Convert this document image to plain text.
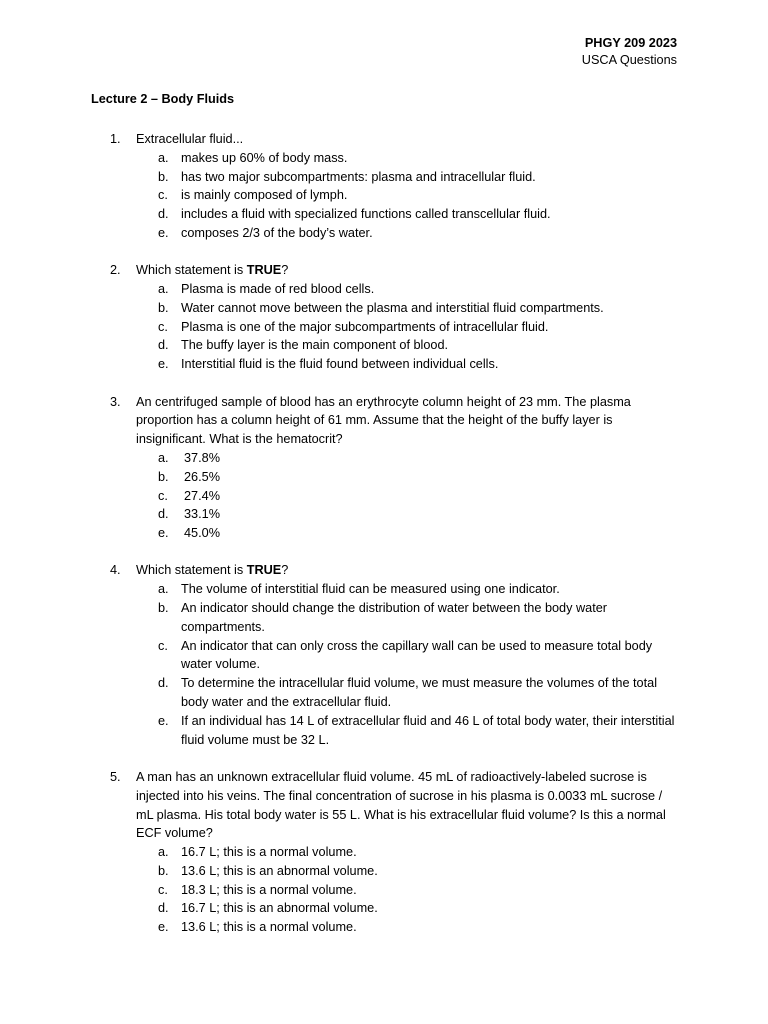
PHGY 209 2023
USCA Questions
Lecture 2 – Body Fluids
1.	Extracellular fluid...
a. makes up 60% of body mass.
b. has two major subcompartments: plasma and intracellular fluid.
c. is mainly composed of lymph.
d. includes a fluid with specialized functions called transcellular fluid.
e. composes 2/3 of the body’s water.
2.	Which statement is TRUE?
a. Plasma is made of red blood cells.
b. Water cannot move between the plasma and interstitial fluid compartments.
c. Plasma is one of the major subcompartments of intracellular fluid.
d. The buffy layer is the main component of blood.
e. Interstitial fluid is the fluid found between individual cells.
3.	An centrifuged sample of blood has an erythrocyte column height of 23 mm. The plasma proportion has a column height of 61 mm. Assume that the height of the buffy layer is insignificant. What is the hematocrit?
a. 37.8%
b. 26.5%
c. 27.4%
d. 33.1%
e. 45.0%
4.	Which statement is TRUE?
a. The volume of interstitial fluid can be measured using one indicator.
b. An indicator should change the distribution of water between the body water compartments.
c. An indicator that can only cross the capillary wall can be used to measure total body water volume.
d. To determine the intracellular fluid volume, we must measure the volumes of the total body water and the extracellular fluid.
e. If an individual has 14 L of extracellular fluid and 46 L of total body water, their interstitial fluid volume must be 32 L.
5.	A man has an unknown extracellular fluid volume. 45 mL of radioactively-labeled sucrose is injected into his veins. The final concentration of sucrose in his plasma is 0.0033 mL sucrose / mL plasma. His total body water is 55 L. What is his extracellular fluid volume? Is this a normal ECF volume?
a. 16.7 L; this is a normal volume.
b. 13.6 L; this is an abnormal volume.
c. 18.3 L; this is a normal volume.
d. 16.7 L; this is an abnormal volume.
e. 13.6 L; this is a normal volume.
